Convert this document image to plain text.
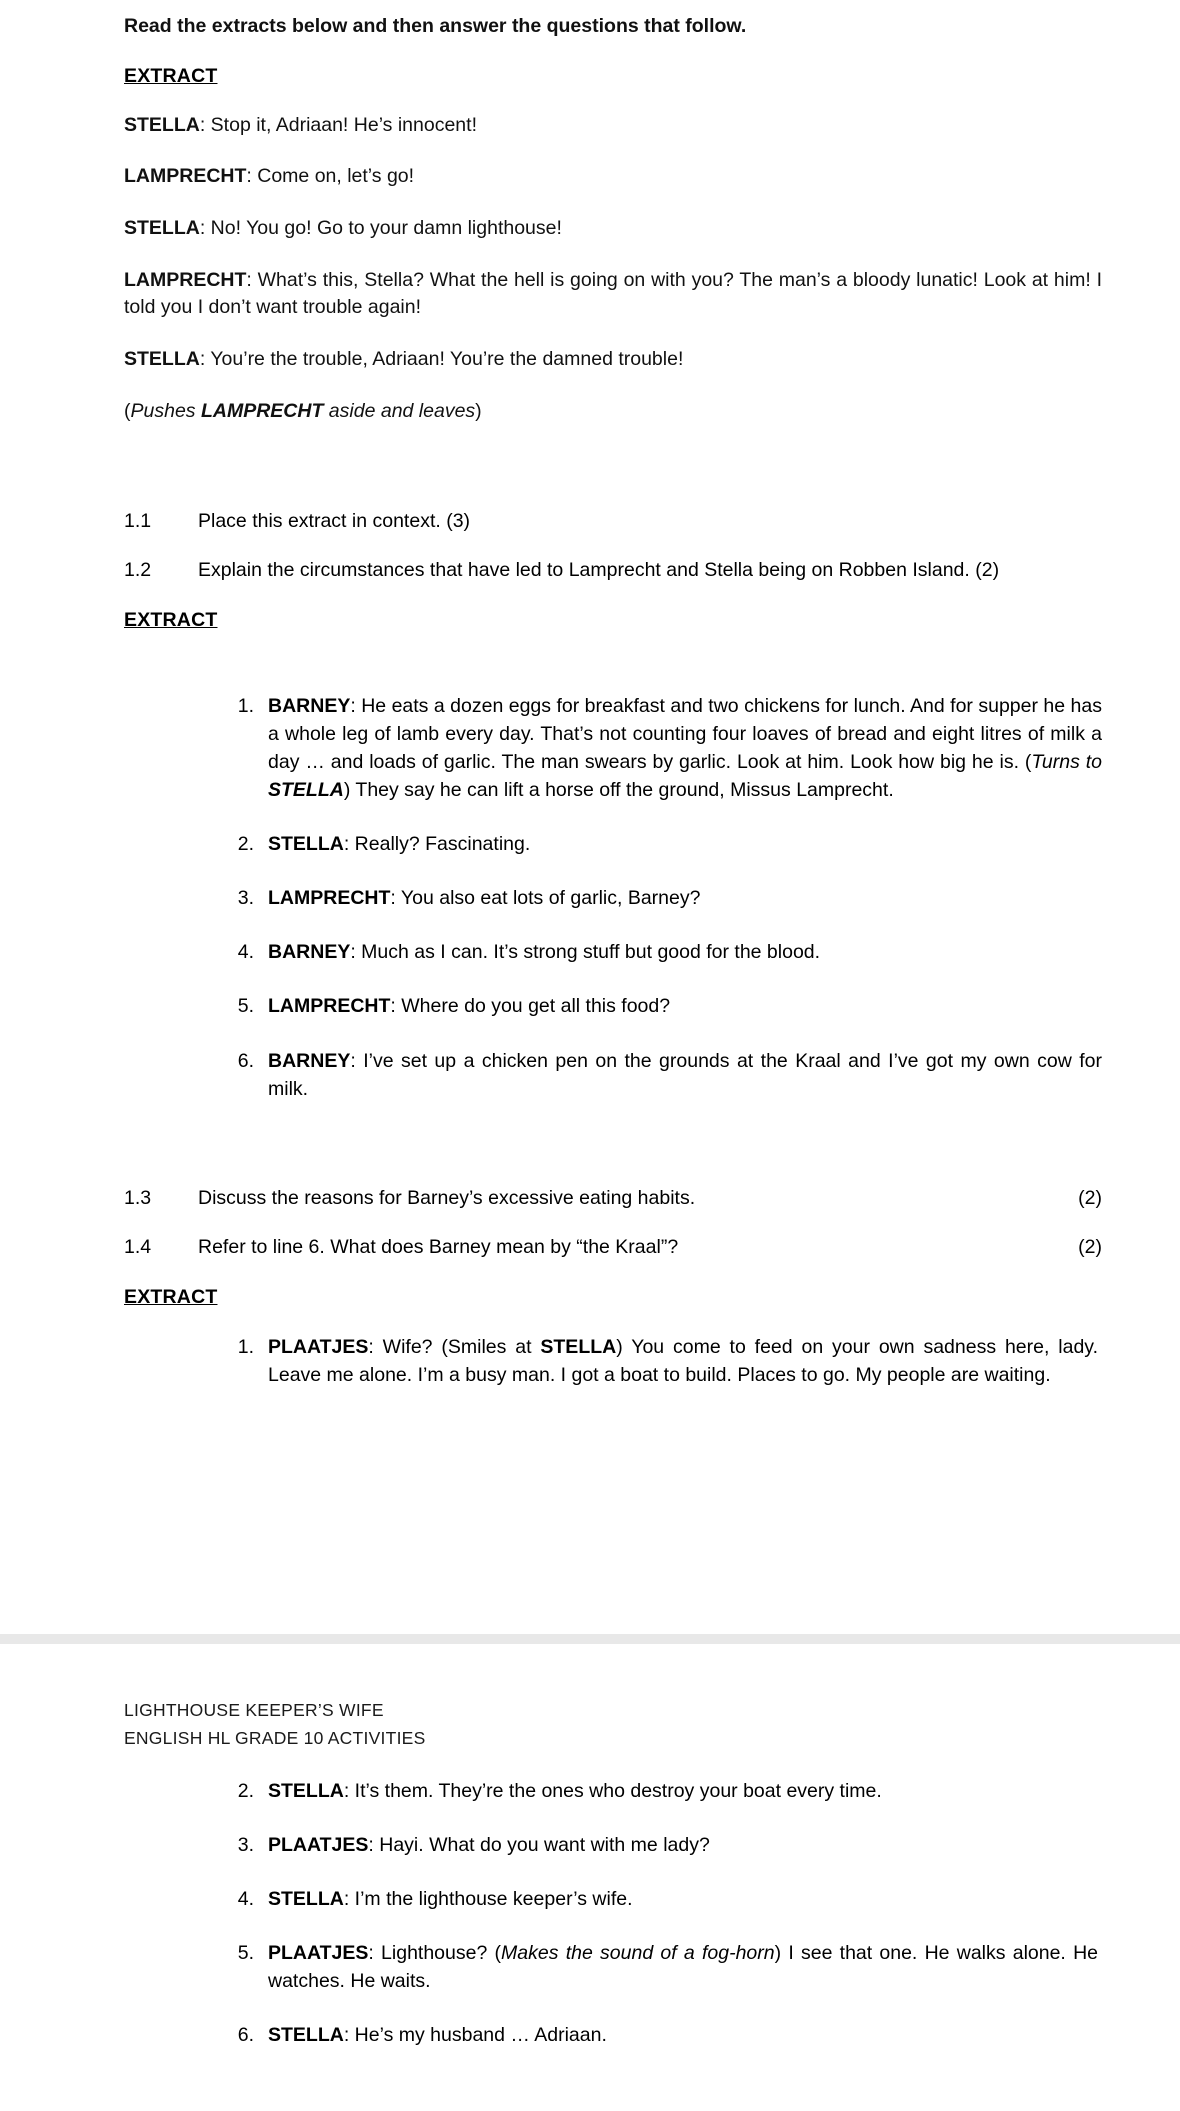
Read the extracts below and then answer the questions that follow.

EXTRACT

STELLA: Stop it, Adriaan! He’s innocent!

LAMPRECHT: Come on, let’s go!

STELLA: No! You go! Go to your damn lighthouse!

LAMPRECHT: What’s this, Stella? What the hell is going on with you? The man’s a bloody lunatic! Look at him! I told you I don’t want trouble again!

STELLA: You’re the trouble, Adriaan! You’re the damned trouble!

(Pushes LAMPRECHT aside and leaves)

1.1	Place this extract in context. (3)
1.2	Explain the circumstances that have led to Lamprecht and Stella being on Robben Island. (2)
EXTRACT
1. BARNEY: He eats a dozen eggs for breakfast and two chickens for lunch. And for supper he has a whole leg of lamb every day. That’s not counting four loaves of bread and eight litres of milk a day … and loads of garlic. The man swears by garlic. Look at him. Look how big he is. (Turns to STELLA) They say he can lift a horse off the ground, Missus Lamprecht.
2. STELLA: Really? Fascinating.
3. LAMPRECHT: You also eat lots of garlic, Barney?
4. BARNEY: Much as I can. It’s strong stuff but good for the blood.
5. LAMPRECHT: Where do you get all this food?
6. BARNEY: I’ve set up a chicken pen on the grounds at the Kraal and I’ve got my own cow for milk.
1.3	Discuss the reasons for Barney’s excessive eating habits.	(2)
1.4	Refer to line 6. What does Barney mean by “the Kraal”?	(2)
EXTRACT
1. PLAATJES: Wife? (Smiles at STELLA) You come to feed on your own sadness here, lady. Leave me alone. I’m a busy man. I got a boat to build. Places to go. My people are waiting.
LIGHTHOUSE KEEPER’S WIFE
ENGLISH HL GRADE 10 ACTIVITIES
2. STELLA: It’s them. They’re the ones who destroy your boat every time.
3. PLAATJES: Hayi. What do you want with me lady?
4. STELLA: I’m the lighthouse keeper’s wife.
5. PLAATJES: Lighthouse? (Makes the sound of a fog-horn) I see that one. He walks alone. He watches. He waits.
6. STELLA: He’s my husband … Adriaan.
